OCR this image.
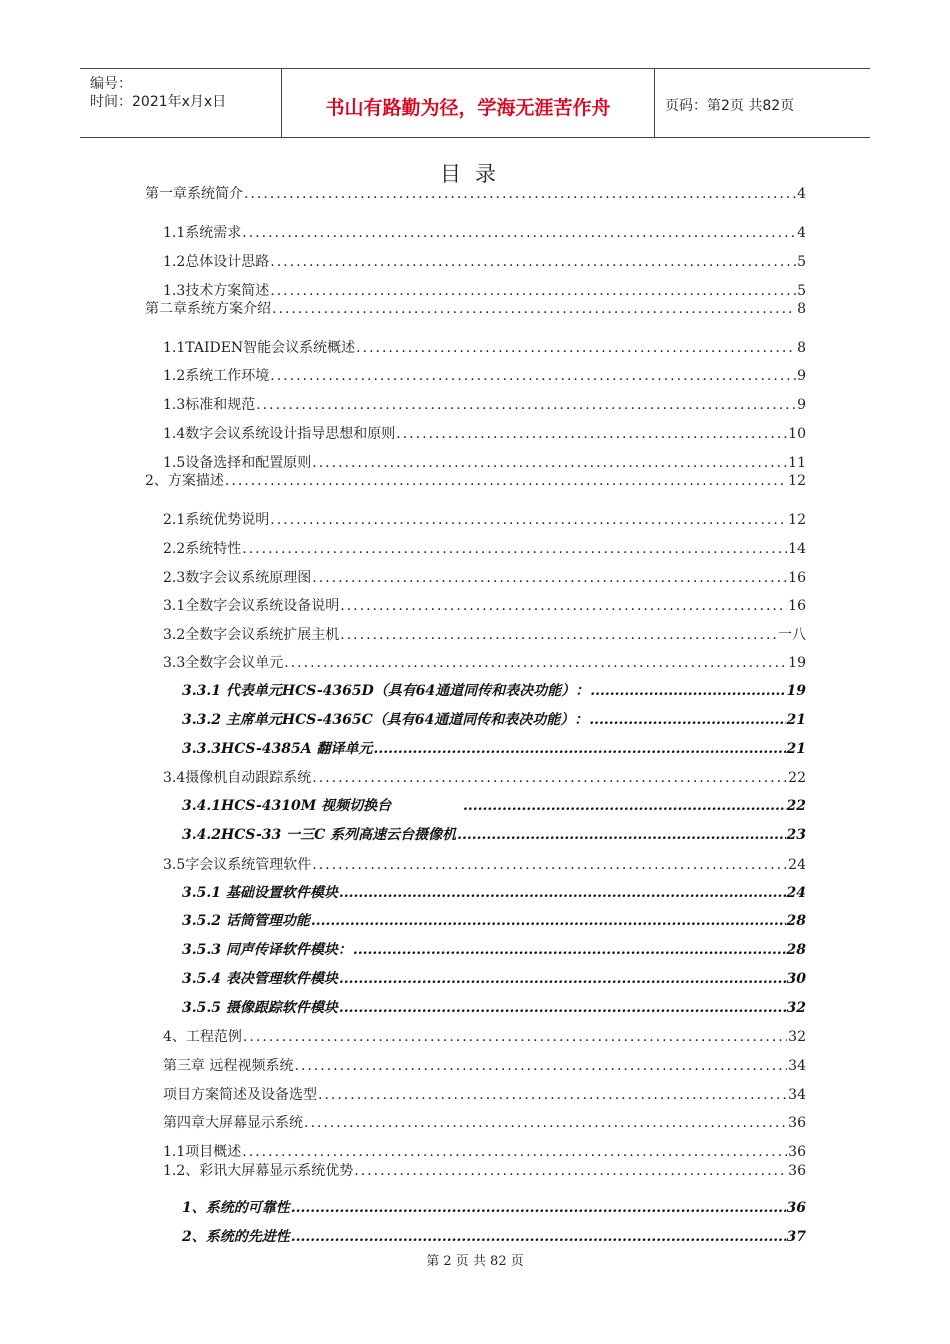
编号：
时间：2021年x月x日	书山有路勤为径，学海无涯苦作舟	页码：第2页 共82页
目录
第一章系统简介 .....	4
1.1系统需求 .....	4
1.2总体设计思路 .....	5
1.3技术方案简述 .....	5
第二章系统方案介绍 .....	8
1.1TAIDEN智能会议系统概述 .....	8
1.2系统工作环境 .....	9
1.3标准和规范 .....	9
1.4数字会议系统设计指导思想和原则 .....	10
1.5设备选择和配置原则 .....	11
2、方案描述 .....	12
2.1系统优势说明 .....	12
2.2系统特性 .....	14
2.3数字会议系统原理图 .....	16
3.1全数字会议系统设备说明 .....	16
3.2全数字会议系统扩展主机 .....	一八
3.3全数字会议单元 .....	19
3.3.1 代表单元HCS-4365D（具有64通道同传和表决功能）： .....	19
3.3.2 主席单元HCS-4365C（具有64通道同传和表决功能）： .....	21
3.3.3HCS-4385A 翻译单元 .....	21
3.4摄像机自动跟踪系统 .....	22
3.4.1HCS-4310M 视频切换台 .....	22
3.4.2HCS-33 一三C 系列高速云台摄像机 .....	23
3.5字会议系统管理软件 .....	24
3.5.1 基础设置软件模块 .....	24
3.5.2 话筒管理功能 .....	28
3.5.3 同声传译软件模块： .....	28
3.5.4 表决管理软件模块 .....	30
3.5.5 摄像跟踪软件模块 .....	32
4、工程范例 .....	32
第三章 远程视频系统 .....	34
项目方案简述及设备选型 .....	34
第四章大屏幕显示系统 .....	36
1.1项目概述 .....	36
1.2、彩讯大屏幕显示系统优势 .....	36
1、系统的可靠性 .....	36
2、系统的先进性 .....	37
第 2 页 共 82 页
